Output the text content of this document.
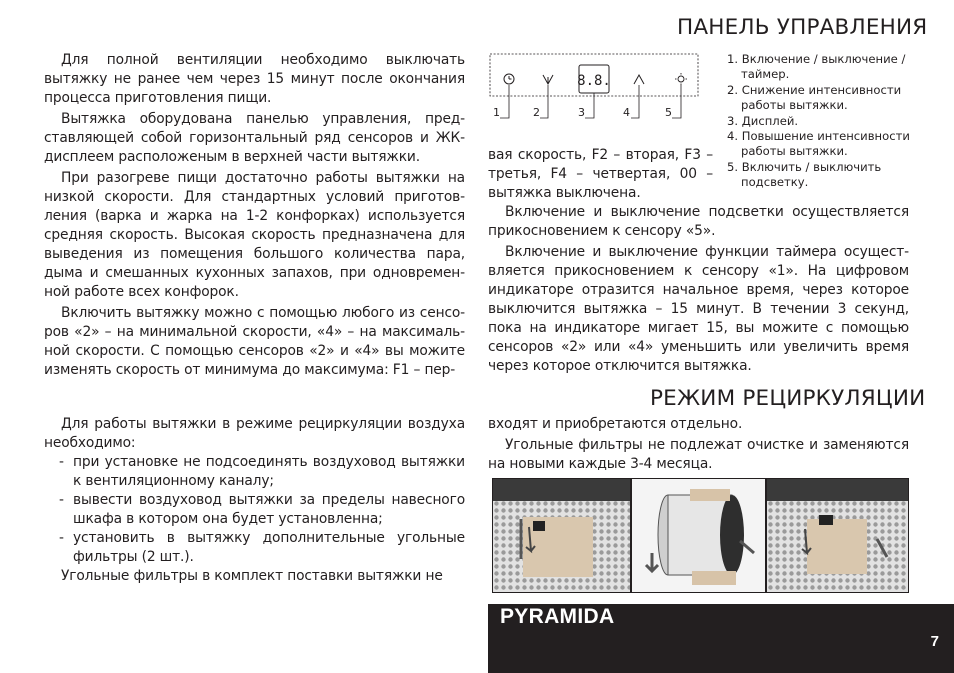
ПАНЕЛЬ УПРАВЛЕНИЯ
РЕЖИМ РЕЦИРКУЛЯЦИИ

Для полной вентиляции необходимо выключать вытяжку не ранее чем через 15 минут после окончания процесса приготовления пищи.

Вытяжка оборудована панелью управления, пред-ставляющей собой горизонтальный ряд сенсоров и ЖК-дисплеем расположеным в верхней части вытяжки.

При разогреве пищи достаточно работы вытяжки на низкой скорости. Для стандартных условий приготов-ления (варка и жарка на 1-2 конфорках) используется средняя скорость. Высокая скорость предназначена для выведения из помещения большого количества пара, дыма и смешанных кухонных запахов, при одновремен-ной работе всех конфорок.

Включить вытяжку можно с помощью любого из сенсо-ров «2» – на минимальной скорости, «4» – на максималь-ной скорости. С помощью сенсоров «2» и «4» вы можите изменять скорость от минимума до максимума: F1 – пер-

8.8.
1	2	3	4	5
1. Включение / выключение / таймер.
2. Снижение интенсивности работы вытяжки.
3. Дисплей.
4. Повышение интенсивности работы вытяжки.
5. Включить / выключить подсветку.

вая скорость, F2 – вторая, F3 – третья, F4 – четвертая, 00 – вытяжка выключена.

Включение и выключение подсветки осуществляется прикосновением к сенсору «5».

Включение и выключение функции таймера осущест-вляется прикосновением к сенсору «1». На цифровом индикаторе отразится начальное время, через которое выключится вытяжка – 15 минут. В течении 3 секунд, пока на индикаторе мигает 15, вы можите с помощью сенсоров «2» или «4» уменьшить или увеличить время через которое отключится вытяжка.

Для работы вытяжки в режиме рециркуляции воздуха необходимо:

- при установке не подсоединять воздуховод вытяжки к вентиляционному каналу;
- вывести воздуховод вытяжки за пределы навесного шкафа в котором она будет установленна;
- установить в вытяжку дополнительные угольные фильтры (2 шт.).

Угольные фильтры в комплект поставки вытяжки не

входят и приобретаются отдельно.

Угольные фильтры не подлежат очистке и заменяются на новыми каждые 3-4 месяца.

PYRAMIDA
7
